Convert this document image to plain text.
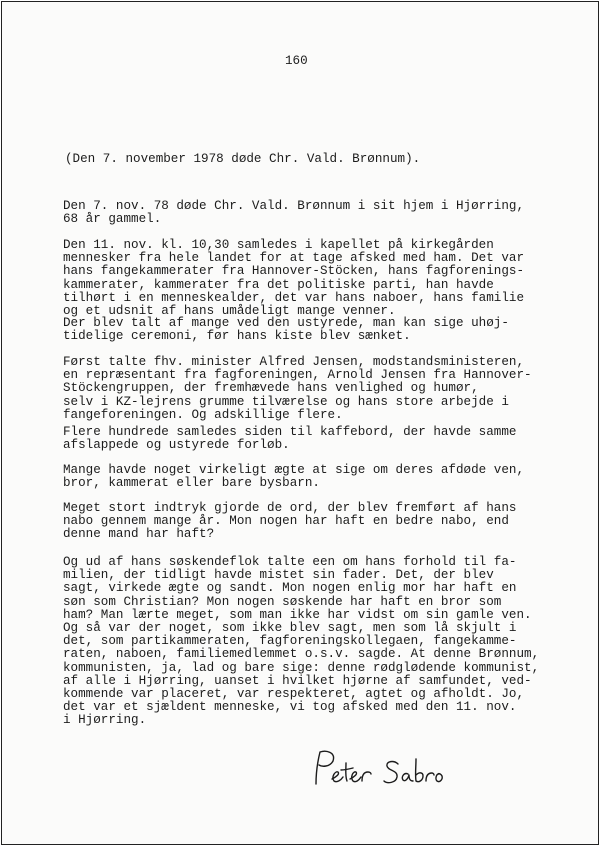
160
(Den 7. november 1978 døde Chr. Vald. Brønnum).
Den 7. nov. 78 døde Chr. Vald. Brønnum i sit hjem i Hjørring,
68 år gammel.
Den 11. nov. kl. 10,30 samledes i kapellet på kirkegården
mennesker fra hele landet for at tage afsked med ham. Det var
hans fangekammerater fra Hannover-Stöcken, hans fagforenings-
kammerater, kammerater fra det politiske parti, han havde
tilhørt i en menneskealder, det var hans naboer, hans familie
og et udsnit af hans umådeligt mange venner.
Der blev talt af mange ved den ustyrede, man kan sige uhøj-
tidelige ceremoni, før hans kiste blev sænket.
Først talte fhv. minister Alfred Jensen, modstandsministeren,
en repræsentant fra fagforeningen, Arnold Jensen fra Hannover-
Stöckengruppen, der fremhævede hans venlighed og humør,
selv i KZ-lejrens grumme tilværelse og hans store arbejde i
fangeforeningen. Og adskillige flere.
Flere hundrede samledes siden til kaffebord, der havde samme
afslappede og ustyrede forløb.
Mange havde noget virkeligt ægte at sige om deres afdøde ven,
bror, kammerat eller bare bysbarn.
Meget stort indtryk gjorde de ord, der blev fremført af hans
nabo gennem mange år. Mon nogen har haft en bedre nabo, end
denne mand har haft?
Og ud af hans søskendeflok talte een om hans forhold til fa-
milien, der tidligt havde mistet sin fader. Det, der blev
sagt, virkede ægte og sandt. Mon nogen enlig mor har haft en
søn som Christian? Mon nogen søskende har haft en bror som
ham? Man lærte meget, som man ikke har vidst om sin gamle ven.
Og så var der noget, som ikke blev sagt, men som lå skjult i
det, som partikammeraten, fagforeningskollegaen, fangekamme-
raten, naboen, familiemedlemmet o.s.v. sagde. At denne Brønnum,
kommunisten, ja, lad og bare sige: denne rødglødende kommunist,
af alle i Hjørring, uanset i hvilket hjørne af samfundet, ved-
kommende var placeret, var respekteret, agtet og afholdt. Jo,
det var et sjældent menneske, vi tog afsked med den 11. nov.
i Hjørring.
